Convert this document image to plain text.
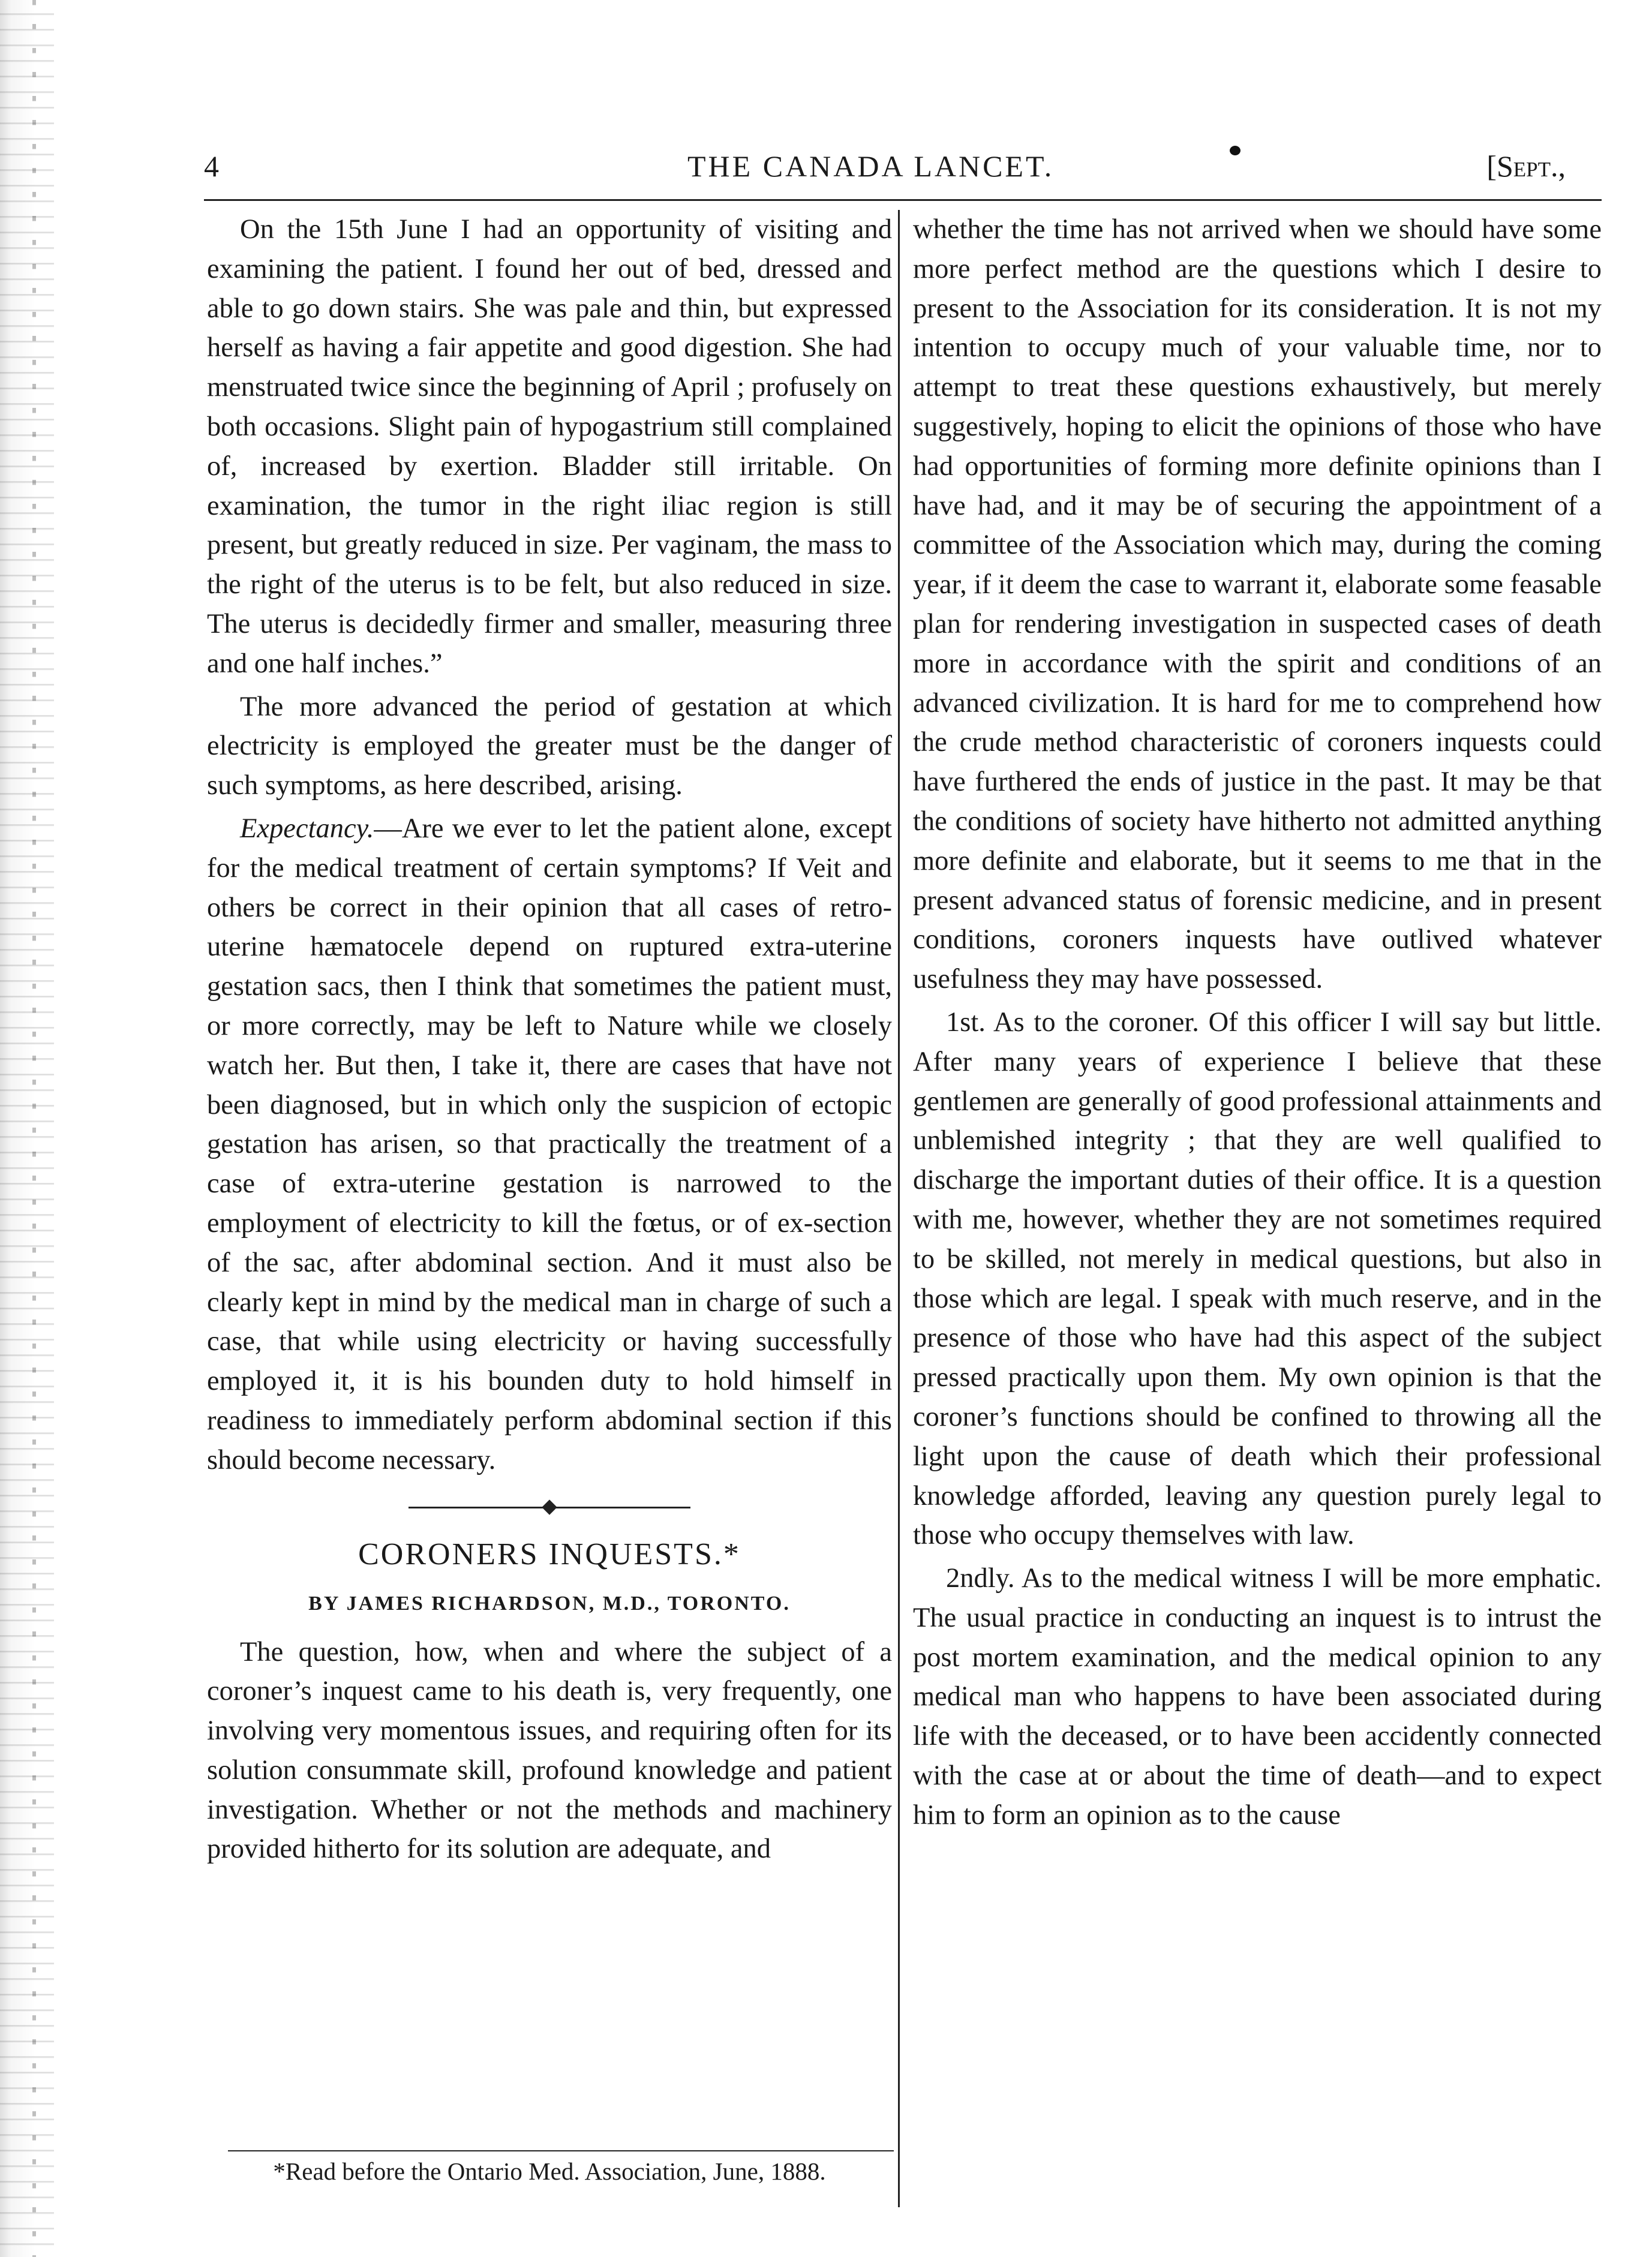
4	THE CANADA LANCET.	[Sept.,

On the 15th June I had an opportunity of visiting and examining the patient. I found her out of bed, dressed and able to go down stairs. She was pale and thin, but expressed herself as having a fair appetite and good digestion. She had menstruated twice since the beginning of April ; profusely on both occasions. Slight pain of hypogastrium still complained of, increased by exertion. Bladder still irritable. On examination, the tumor in the right iliac region is still present, but greatly reduced in size. Per vaginam, the mass to the right of the uterus is to be felt, but also reduced in size. The uterus is decidedly firmer and smaller, measuring three and one half inches.”

The more advanced the period of gestation at which electricity is employed the greater must be the danger of such symptoms, as here described, arising.

Expectancy.—Are we ever to let the patient alone, except for the medical treatment of certain symptoms? If Veit and others be correct in their opinion that all cases of retro-uterine hæmatocele depend on ruptured extra-uterine gestation sacs, then I think that sometimes the patient must, or more correctly, may be left to Nature while we closely watch her. But then, I take it, there are cases that have not been diagnosed, but in which only the suspicion of ectopic gestation has arisen, so that practically the treatment of a case of extra-uterine gestation is narrowed to the employment of electricity to kill the fœtus, or of ex-section of the sac, after abdominal section. And it must also be clearly kept in mind by the medical man in charge of such a case, that while using electricity or having successfully employed it, it is his bounden duty to hold himself in readiness to immediately perform abdominal section if this should become necessary.

CORONERS INQUESTS.*
BY JAMES RICHARDSON, M.D., TORONTO.

The question, how, when and where the subject of a coroner’s inquest came to his death is, very frequently, one involving very momentous issues, and requiring often for its solution consummate skill, profound knowledge and patient investigation. Whether or not the methods and machinery provided hitherto for its solution are adequate, and

whether the time has not arrived when we should have some more perfect method are the questions which I desire to present to the Association for its consideration. It is not my intention to occupy much of your valuable time, nor to attempt to treat these questions exhaustively, but merely suggestively, hoping to elicit the opinions of those who have had opportunities of forming more definite opinions than I have had, and it may be of securing the appointment of a committee of the Association which may, during the coming year, if it deem the case to warrant it, elaborate some feasable plan for rendering investigation in suspected cases of death more in accordance with the spirit and conditions of an advanced civilization. It is hard for me to comprehend how the crude method characteristic of coroners inquests could have furthered the ends of justice in the past. It may be that the conditions of society have hitherto not admitted anything more definite and elaborate, but it seems to me that in the present advanced status of forensic medicine, and in present conditions, coroners inquests have outlived whatever usefulness they may have possessed.

1st. As to the coroner. Of this officer I will say but little. After many years of experience I believe that these gentlemen are generally of good professional attainments and unblemished integrity ; that they are well qualified to discharge the important duties of their office. It is a question with me, however, whether they are not sometimes required to be skilled, not merely in medical questions, but also in those which are legal. I speak with much reserve, and in the presence of those who have had this aspect of the subject pressed practically upon them. My own opinion is that the coroner’s functions should be confined to throwing all the light upon the cause of death which their professional knowledge afforded, leaving any question purely legal to those who occupy themselves with law.

2ndly. As to the medical witness I will be more emphatic. The usual practice in conducting an inquest is to intrust the post mortem examination, and the medical opinion to any medical man who happens to have been associated during life with the deceased, or to have been accidently connected with the case at or about the time of death—and to expect him to form an opinion as to the cause

*Read before the Ontario Med. Association, June, 1888.
